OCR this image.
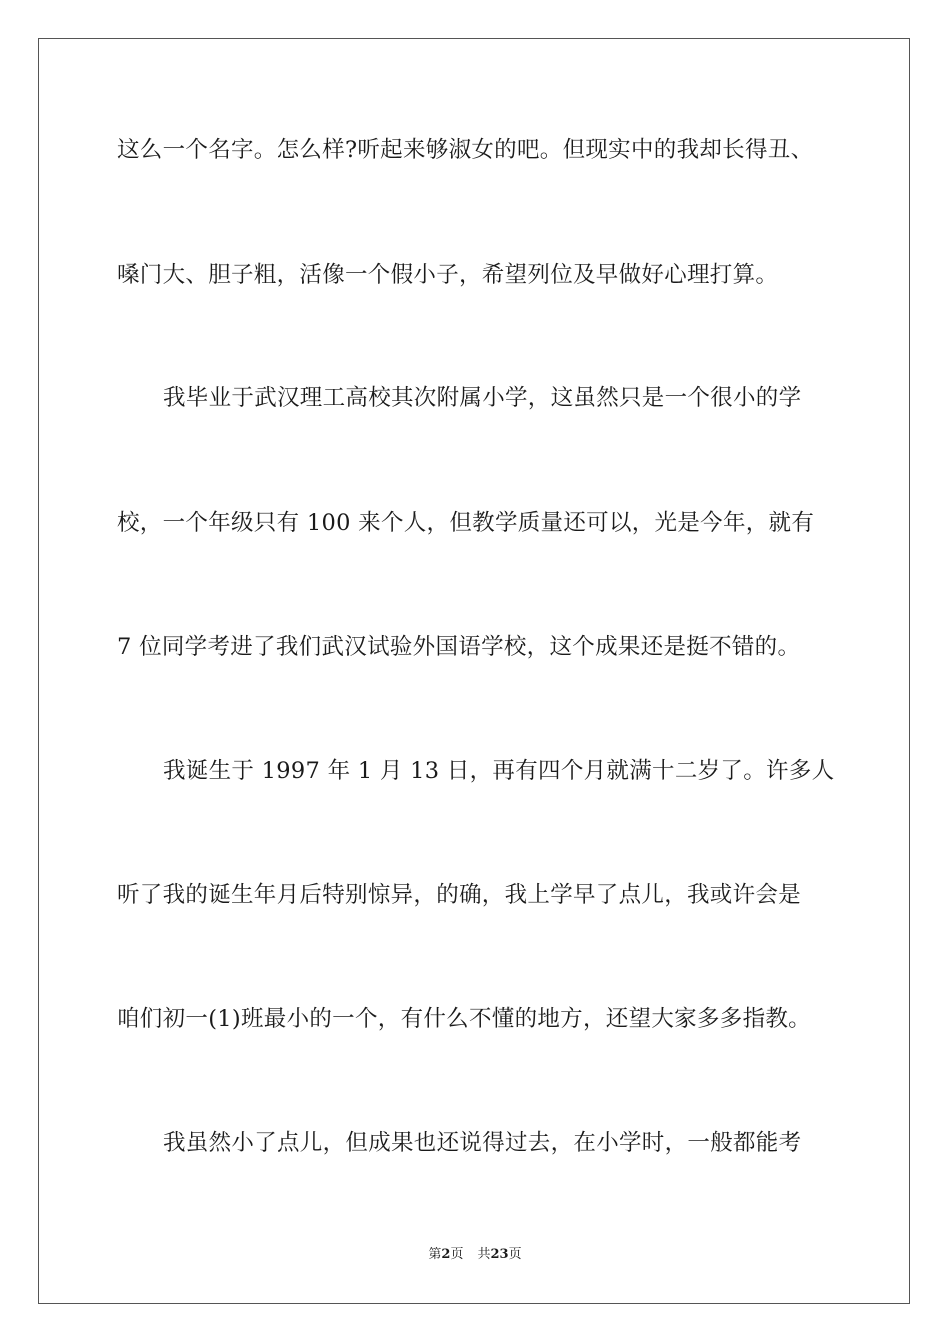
这么一个名字。怎么样?听起来够淑女的吧。但现实中的我却长得丑、
嗓门大、胆子粗，活像一个假小子，希望列位及早做好心理打算。
我毕业于武汉理工高校其次附属小学，这虽然只是一个很小的学
校，一个年级只有 100 来个人，但教学质量还可以，光是今年，就有
7 位同学考进了我们武汉试验外国语学校，这个成果还是挺不错的。
我诞生于 1997 年 1 月 13 日，再有四个月就满十二岁了。许多人
听了我的诞生年月后特别惊异，的确，我上学早了点儿，我或许会是
咱们初一(1)班最小的一个，有什么不懂的地方，还望大家多多指教。
我虽然小了点儿，但成果也还说得过去，在小学时，一般都能考
第2页 共23页
